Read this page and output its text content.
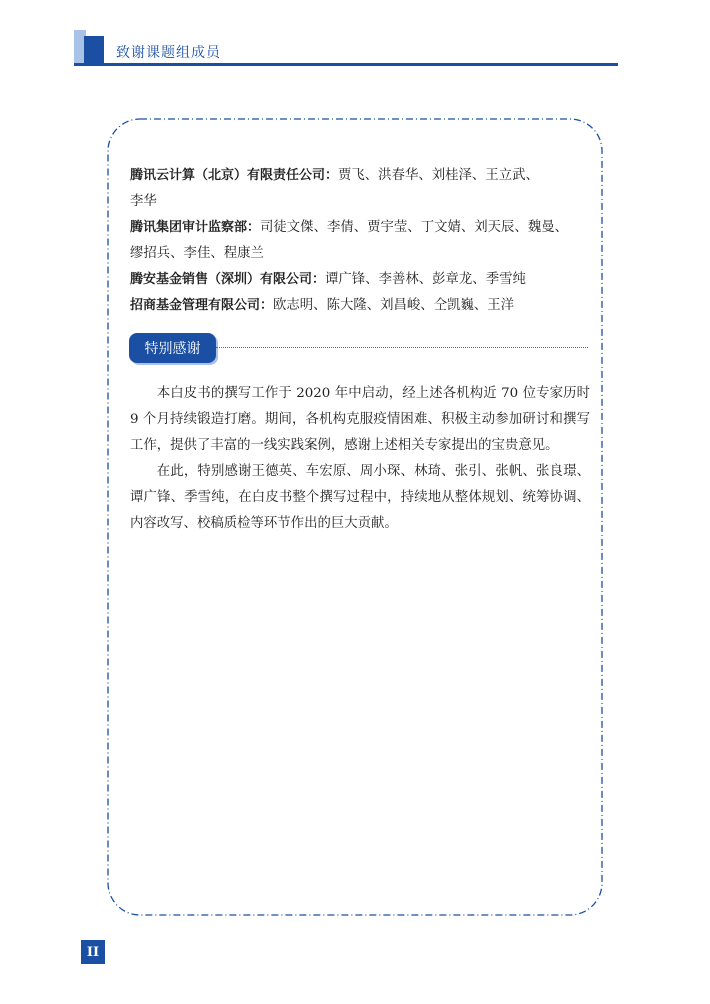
致谢课题组成员

腾讯云计算（北京）有限责任公司：贾飞、洪春华、刘桂泽、王立武、

李华

腾讯集团审计监察部：司徒文傑、李倩、贾宇莹、丁文婧、刘天辰、魏曼、

缪招兵、李佳、程康兰

腾安基金销售（深圳）有限公司：谭广锋、李善林、彭章龙、季雪纯

招商基金管理有限公司：欧志明、陈大隆、刘昌峻、仝凯巍、王洋

特别感谢

本白皮书的撰写工作于 2020 年中启动，经上述各机构近 70 位专家历时 9 个月持续锻造打磨。期间，各机构克服疫情困难、积极主动参加研讨和撰写工作，提供了丰富的一线实践案例，感谢上述相关专家提出的宝贵意见。

在此，特别感谢王德英、车宏原、周小琛、林琦、张引、张帆、张良璟、谭广锋、季雪纯，在白皮书整个撰写过程中，持续地从整体规划、统筹协调、内容改写、校稿质检等环节作出的巨大贡献。

II
